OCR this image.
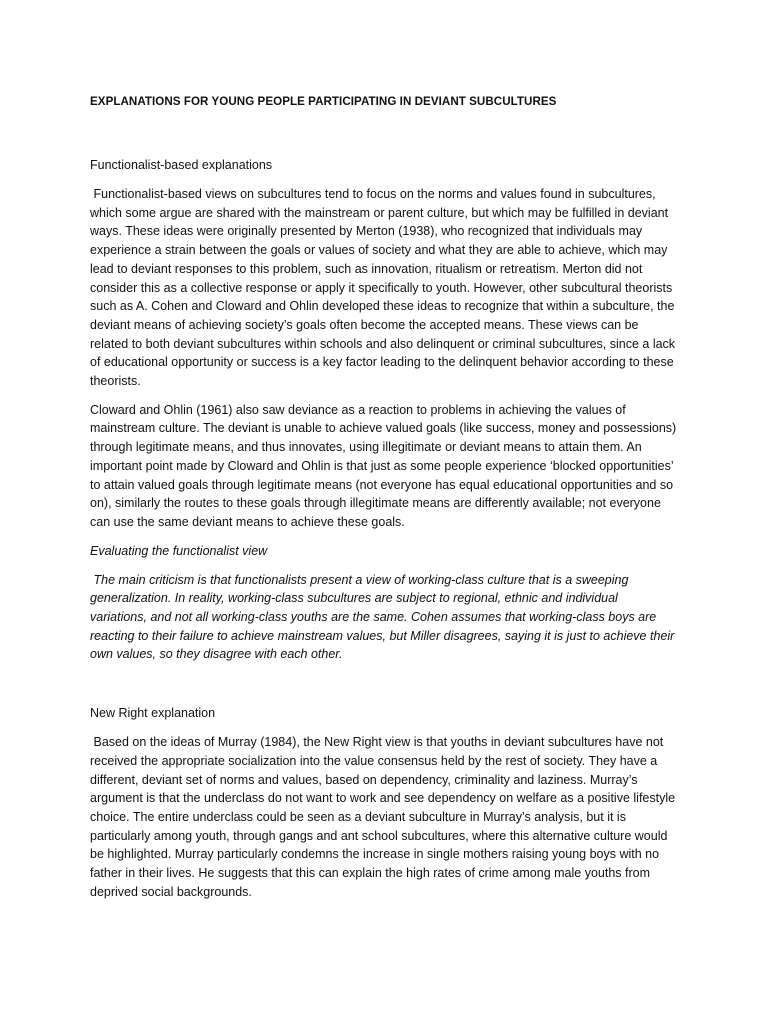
EXPLANATIONS FOR YOUNG PEOPLE PARTICIPATING IN DEVIANT SUBCULTURES
Functionalist-based explanations

Functionalist-based views on subcultures tend to focus on the norms and values found in subcultures, which some argue are shared with the mainstream or parent culture, but which may be fulfilled in deviant ways. These ideas were originally presented by Merton (1938), who recognized that individuals may experience a strain between the goals or values of society and what they are able to achieve, which may lead to deviant responses to this problem, such as innovation, ritualism or retreatism. Merton did not consider this as a collective response or apply it specifically to youth. However, other subcultural theorists such as A. Cohen and Cloward and Ohlin developed these ideas to recognize that within a subculture, the deviant means of achieving society’s goals often become the accepted means. These views can be related to both deviant subcultures within schools and also delinquent or criminal subcultures, since a lack of educational opportunity or success is a key factor leading to the delinquent behavior according to these theorists.

Cloward and Ohlin (1961) also saw deviance as a reaction to problems in achieving the values of mainstream culture. The deviant is unable to achieve valued goals (like success, money and possessions) through legitimate means, and thus innovates, using illegitimate or deviant means to attain them. An important point made by Cloward and Ohlin is that just as some people experience ‘blocked opportunities’ to attain valued goals through legitimate means (not everyone has equal educational opportunities and so on), similarly the routes to these goals through illegitimate means are differently available; not everyone can use the same deviant means to achieve these goals.

Evaluating the functionalist view

The main criticism is that functionalists present a view of working-class culture that is a sweeping generalization. In reality, working-class subcultures are subject to regional, ethnic and individual variations, and not all working-class youths are the same. Cohen assumes that working-class boys are reacting to their failure to achieve mainstream values, but Miller disagrees, saying it is just to achieve their own values, so they disagree with each other.

New Right explanation

Based on the ideas of Murray (1984), the New Right view is that youths in deviant subcultures have not received the appropriate socialization into the value consensus held by the rest of society. They have a different, deviant set of norms and values, based on dependency, criminality and laziness. Murray’s argument is that the underclass do not want to work and see dependency on welfare as a positive lifestyle choice. The entire underclass could be seen as a deviant subculture in Murray’s analysis, but it is particularly among youth, through gangs and ant school subcultures, where this alternative culture would be highlighted. Murray particularly condemns the increase in single mothers raising young boys with no father in their lives. He suggests that this can explain the high rates of crime among male youths from deprived social backgrounds.
